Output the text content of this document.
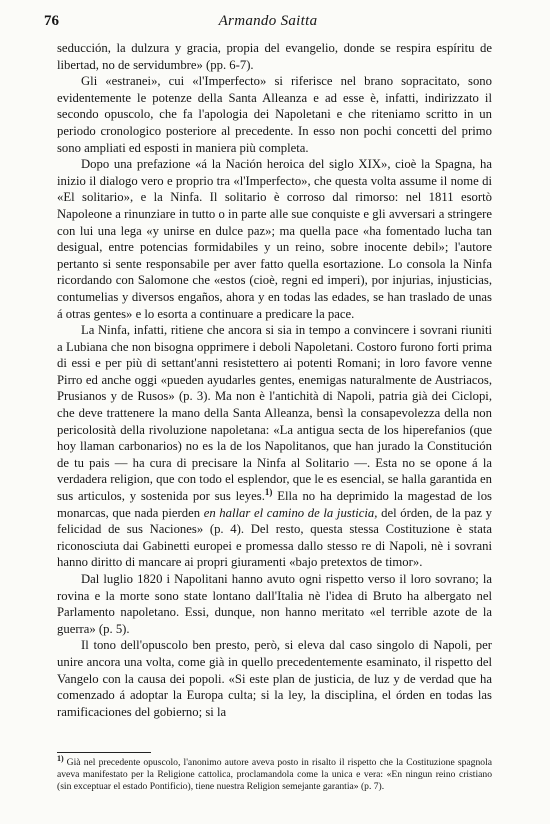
76	Armando Saitta

seducción, la dulzura y gracia, propia del evangelio, donde se respira espíritu de libertad, no de servidumbre» (pp. 6-7).

Gli «estranei», cui «l'Imperfecto» si riferisce nel brano sopracitato, sono evidentemente le potenze della Santa Alleanza e ad esse è, infatti, indirizzato il secondo opuscolo, che fa l'apologia dei Napoletani e che riteniamo scritto in un periodo cronologico posteriore al precedente. In esso non pochi concetti del primo sono ampliati ed esposti in maniera più completa.

Dopo una prefazione «á la Nación heroica del siglo XIX», cioè la Spagna, ha inizio il dialogo vero e proprio tra «l'Imperfecto», che questa volta assume il nome di «El solitario», e la Ninfa. Il solitario è corroso dal rimorso: nel 1811 esortò Napoleone a rinunziare in tutto o in parte alle sue conquiste e gli avversari a stringere con lui una lega «y unirse en dulce paz»; ma quella pace «ha fomentado lucha tan desigual, entre potencias formidabiles y un reino, sobre inocente debil»; l'autore pertanto si sente responsabile per aver fatto quella esortazione. Lo consola la Ninfa ricordando con Salomone che «estos (cioè, regni ed imperi), por injurias, injusticias, contumelias y diversos engaños, ahora y en todas las edades, se han traslado de unas á otras gentes» e lo esorta a continuare a predicare la pace.

La Ninfa, infatti, ritiene che ancora si sia in tempo a convincere i sovrani riuniti a Lubiana che non bisogna opprimere i deboli Napoletani. Costoro furono forti prima di essi e per più di settant'anni resistettero ai potenti Romani; in loro favore venne Pirro ed anche oggi «pueden ayudarles gentes, enemigas naturalmente de Austriacos, Prusianos y de Rusos» (p. 3). Ma non è l'antichità di Napoli, patria già dei Ciclopi, che deve trattenere la mano della Santa Alleanza, bensì la consapevolezza della non pericolosità della rivoluzione napoletana: «La antigua secta de los hiperefanios (que hoy llaman carbonarios) no es la de los Napolitanos, que han jurado la Constitución de tu pais — ha cura di precisare la Ninfa al Solitario —. Esta no se opone á la verdadera religion, que con todo el esplendor, que le es esencial, se halla garantida en sus articulos, y sostenida por sus leyes.$^{1)}$ Ella no ha deprimido la magestad de los monarcas, que nada pierden en hallar el camino de la justicia, del órden, de la paz y felicidad de sus Naciones» (p. 4). Del resto, questa stessa Costituzione è stata riconosciuta dai Gabinetti europei e promessa dallo stesso re di Napoli, nè i sovrani hanno diritto di mancare ai propri giuramenti «bajo pretextos de timor».

Dal luglio 1820 i Napolitani hanno avuto ogni rispetto verso il loro sovrano; la rovina e la morte sono state lontano dall'Italia nè l'idea di Bruto ha albergato nel Parlamento napoletano. Essi, dunque, non hanno meritato «el terrible azote de la guerra» (p. 5).

Il tono dell'opuscolo ben presto, però, si eleva dal caso singolo di Napoli, per unire ancora una volta, come già in quello precedentemente esaminato, il rispetto del Vangelo con la causa dei popoli. «Si este plan de justicia, de luz y de verdad que ha comenzado á adoptar la Europa culta; si la ley, la disciplina, el órden en todas las ramificaciones del gobierno; si la

$^{1)}$ Già nel precedente opuscolo, l'anonimo autore aveva posto in risalto il rispetto che la Costituzione spagnola aveva manifestato per la Religione cattolica, proclamandola come la unica e vera: «En ningun reino cristiano (sin exceptuar el estado Pontificio), tiene nuestra Religion semejante garantia» (p. 7).
